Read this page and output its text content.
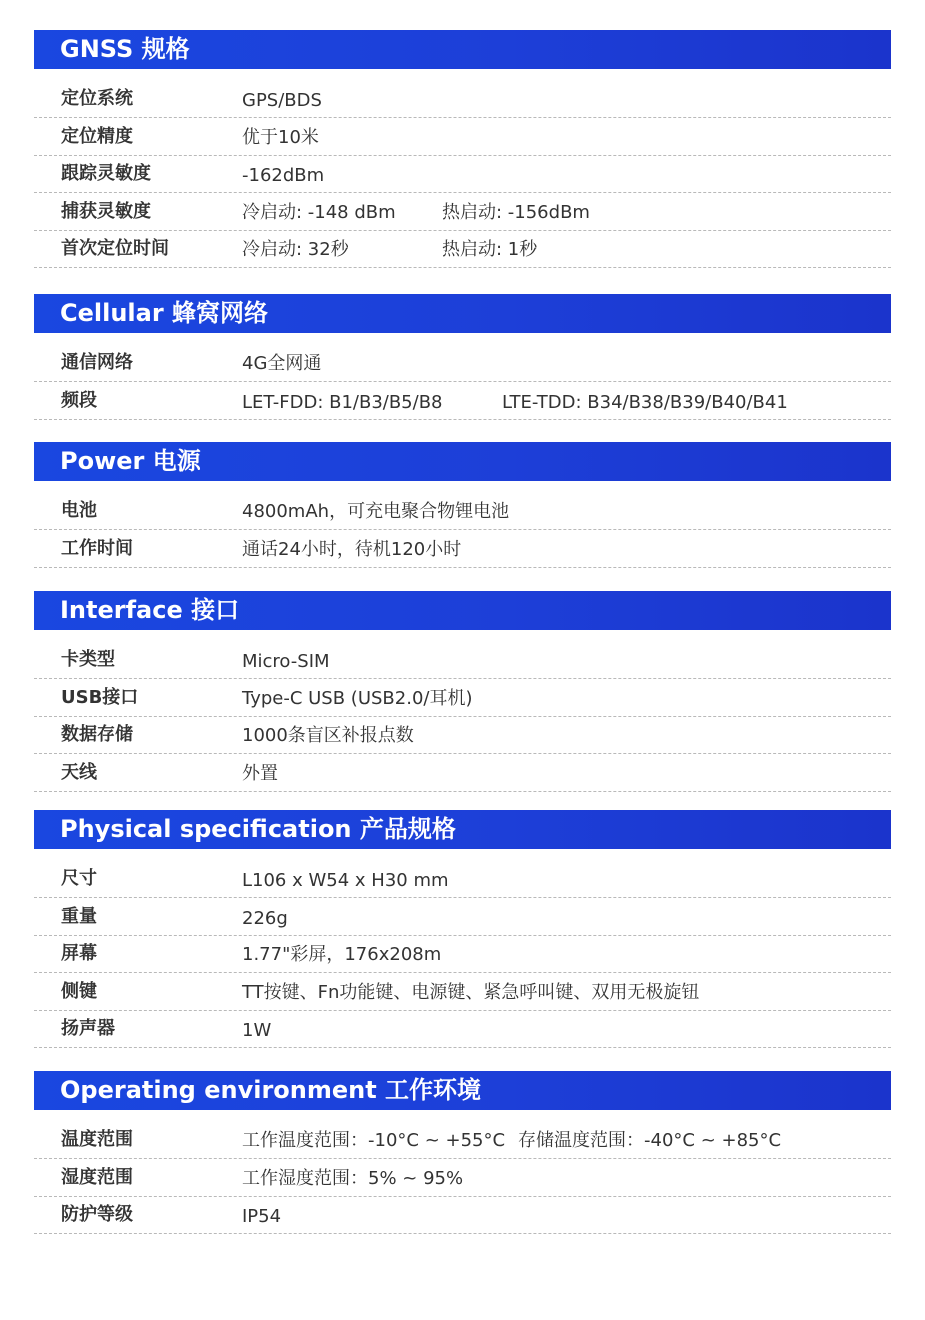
GNSS 规格
定位系统	GPS/BDS
定位精度	优于10米
跟踪灵敏度	-162dBm
捕获灵敏度	冷启动: -148 dBm	热启动: -156dBm
首次定位时间	冷启动: 32秒	热启动: 1秒
Cellular 蜂窝网络
通信网络	4G全网通
频段	LET-FDD: B1/B3/B5/B8	LTE-TDD: B34/B38/B39/B40/B41
Power 电源
电池	4800mAh，可充电聚合物锂电池
工作时间	通话24小时，待机120小时
Interface 接口
卡类型	Micro-SIM
USB接口	Type-C USB (USB2.0/耳机)
数据存储	1000条盲区补报点数
天线	外置
Physical specification 产品规格
尺寸	L106 x W54 x H30 mm
重量	226g
屏幕	1.77"彩屏，176x208m
侧键	TT按键、Fn功能键、电源键、紧急呼叫键、双用无极旋钮
扬声器	1W
Operating environment 工作环境
温度范围	工作温度范围：-10°C ~ +55°C 存储温度范围：-40°C ~ +85°C
湿度范围	工作湿度范围：5% ~ 95%
防护等级	IP54
